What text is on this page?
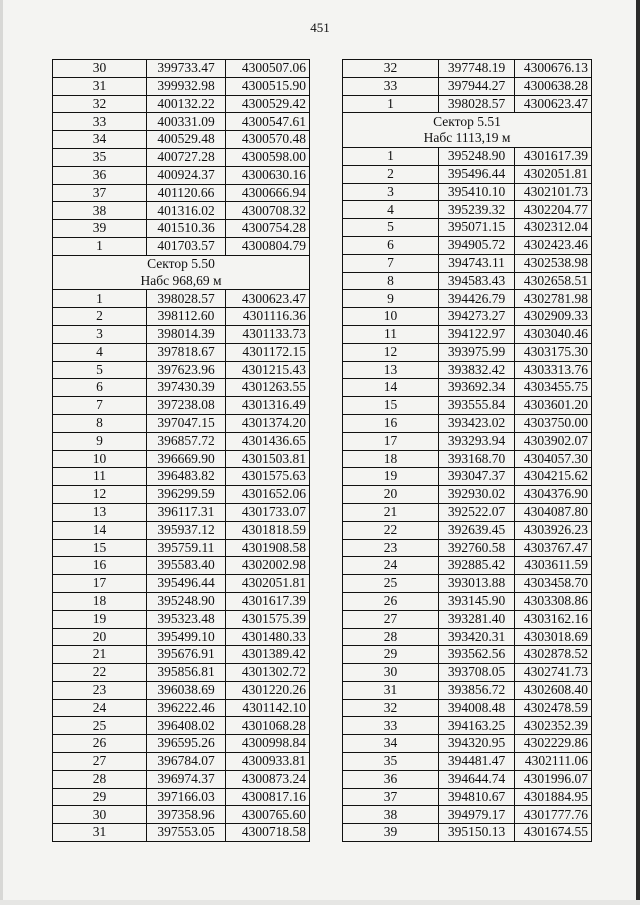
451
30	399733.47	4300507.06
31	399932.98	4300515.90
32	400132.22	4300529.42
33	400331.09	4300547.61
34	400529.48	4300570.48
35	400727.28	4300598.00
36	400924.37	4300630.16
37	401120.66	4300666.94
38	401316.02	4300708.32
39	401510.36	4300754.28
1	401703.57	4300804.79
Сектор 5.50		
Набс 968,69 м		
1	398028.57	4300623.47
2	398112.60	4301116.36
3	398014.39	4301133.73
4	397818.67	4301172.15
5	397623.96	4301215.43
6	397430.39	4301263.55
7	397238.08	4301316.49
8	397047.15	4301374.20
9	396857.72	4301436.65
10	396669.90	4301503.81
11	396483.82	4301575.63
12	396299.59	4301652.06
13	396117.31	4301733.07
14	395937.12	4301818.59
15	395759.11	4301908.58
16	395583.40	4302002.98
17	395496.44	4302051.81
18	395248.90	4301617.39
19	395323.48	4301575.39
20	395499.10	4301480.33
21	395676.91	4301389.42
22	395856.81	4301302.72
23	396038.69	4301220.26
24	396222.46	4301142.10
25	396408.02	4301068.28
26	396595.26	4300998.84
27	396784.07	4300933.81
28	396974.37	4300873.24
29	397166.03	4300817.16
30	397358.96	4300765.60
31	397553.05	4300718.58
32	397748.19	4300676.13
33	397944.27	4300638.28
1	398028.57	4300623.47
Сектор 5.51		
Набс 1113,19 м		
1	395248.90	4301617.39
2	395496.44	4302051.81
3	395410.10	4302101.73
4	395239.32	4302204.77
5	395071.15	4302312.04
6	394905.72	4302423.46
7	394743.11	4302538.98
8	394583.43	4302658.51
9	394426.79	4302781.98
10	394273.27	4302909.33
11	394122.97	4303040.46
12	393975.99	4303175.30
13	393832.42	4303313.76
14	393692.34	4303455.75
15	393555.84	4303601.20
16	393423.02	4303750.00
17	393293.94	4303902.07
18	393168.70	4304057.30
19	393047.37	4304215.62
20	392930.02	4304376.90
21	392522.07	4304087.80
22	392639.45	4303926.23
23	392760.58	4303767.47
24	392885.42	4303611.59
25	393013.88	4303458.70
26	393145.90	4303308.86
27	393281.40	4303162.16
28	393420.31	4303018.69
29	393562.56	4302878.52
30	393708.05	4302741.73
31	393856.72	4302608.40
32	394008.48	4302478.59
33	394163.25	4302352.39
34	394320.95	4302229.86
35	394481.47	4302111.06
36	394644.74	4301996.07
37	394810.67	4301884.95
38	394979.17	4301777.76
39	395150.13	4301674.55
